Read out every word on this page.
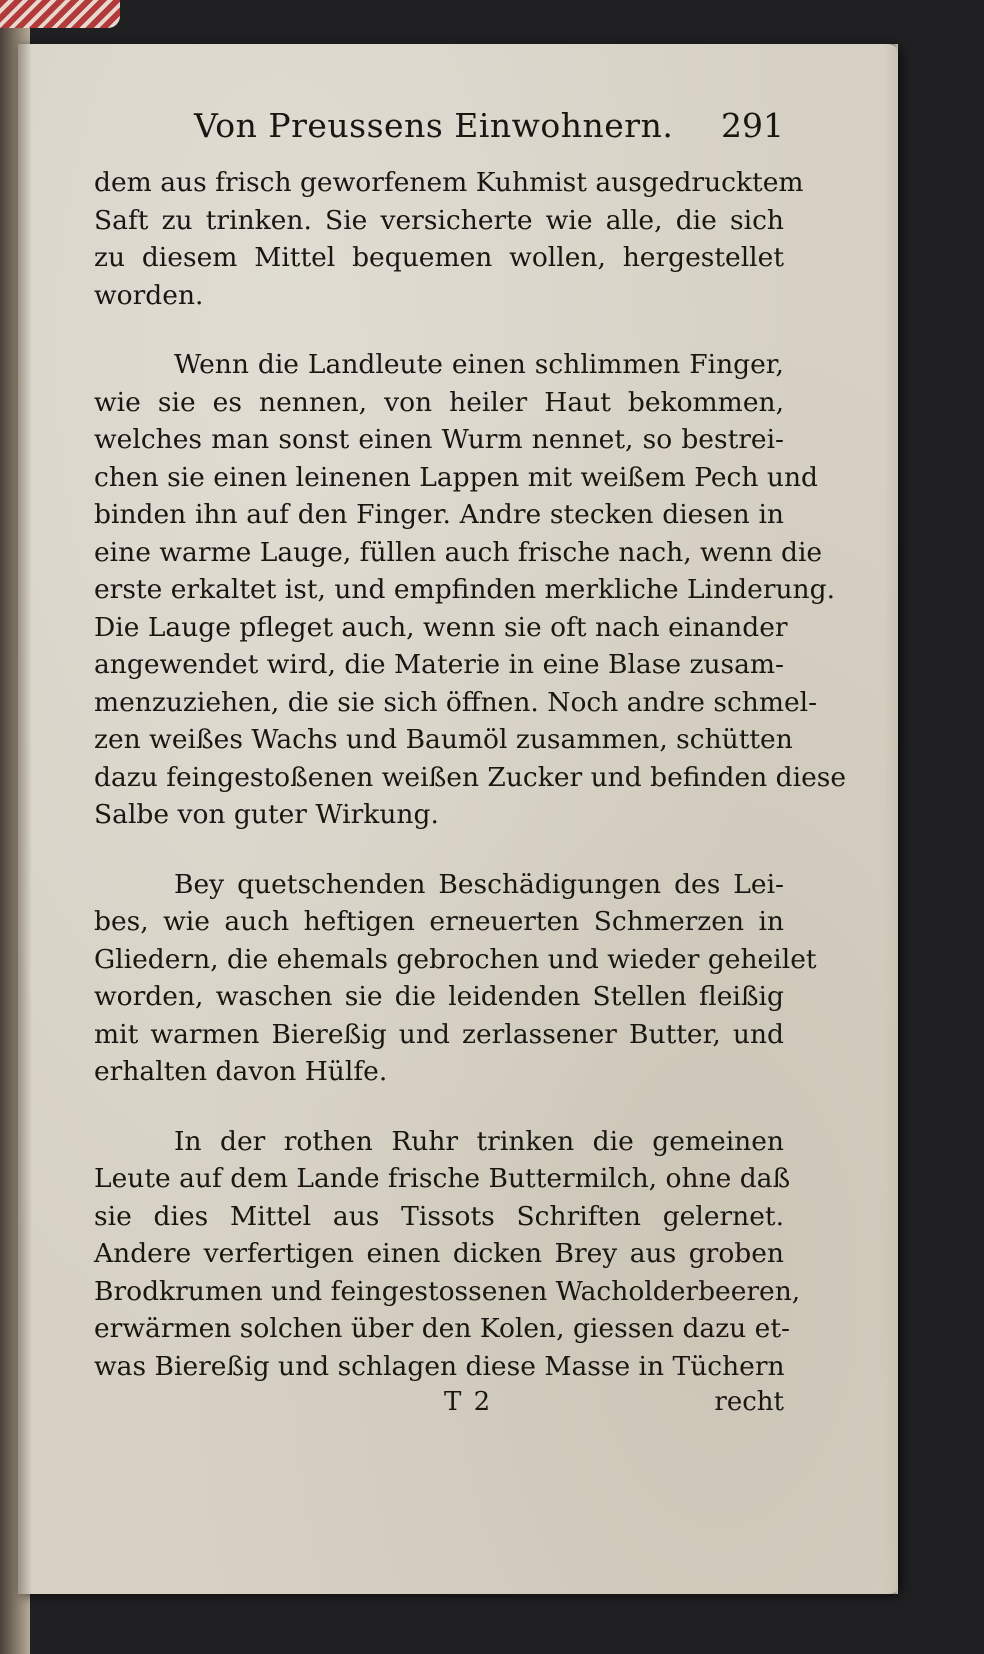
Von Preussens Einwohnern. 291
dem aus frisch geworfenem Kuhmist ausgedrucktem
Saft zu trinken. Sie versicherte wie alle, die sich
zu diesem Mittel bequemen wollen, hergestellet
worden.
Wenn die Landleute einen schlimmen Finger,
wie sie es nennen, von heiler Haut bekommen,
welches man sonst einen Wurm nennet, so bestrei-
chen sie einen leinenen Lappen mit weißem Pech und
binden ihn auf den Finger. Andre stecken diesen in
eine warme Lauge, füllen auch frische nach, wenn die
erste erkaltet ist, und empfinden merkliche Linderung.
Die Lauge pfleget auch, wenn sie oft nach einander
angewendet wird, die Materie in eine Blase zusam-
menzuziehen, die sie sich öffnen. Noch andre schmel-
zen weißes Wachs und Baumöl zusammen, schütten
dazu feingestoßenen weißen Zucker und befinden diese
Salbe von guter Wirkung.
Bey quetschenden Beschädigungen des Lei-
bes, wie auch heftigen erneuerten Schmerzen in
Gliedern, die ehemals gebrochen und wieder geheilet
worden, waschen sie die leidenden Stellen fleißig
mit warmen Biereßig und zerlassener Butter, und
erhalten davon Hülfe.
In der rothen Ruhr trinken die gemeinen
Leute auf dem Lande frische Buttermilch, ohne daß
sie dies Mittel aus Tissots Schriften gelernet.
Andere verfertigen einen dicken Brey aus groben
Brodkrumen und feingestossenen Wacholderbeeren,
erwärmen solchen über den Kolen, giessen dazu et-
was Biereßig und schlagen diese Masse in Tüchern
T 2	recht
